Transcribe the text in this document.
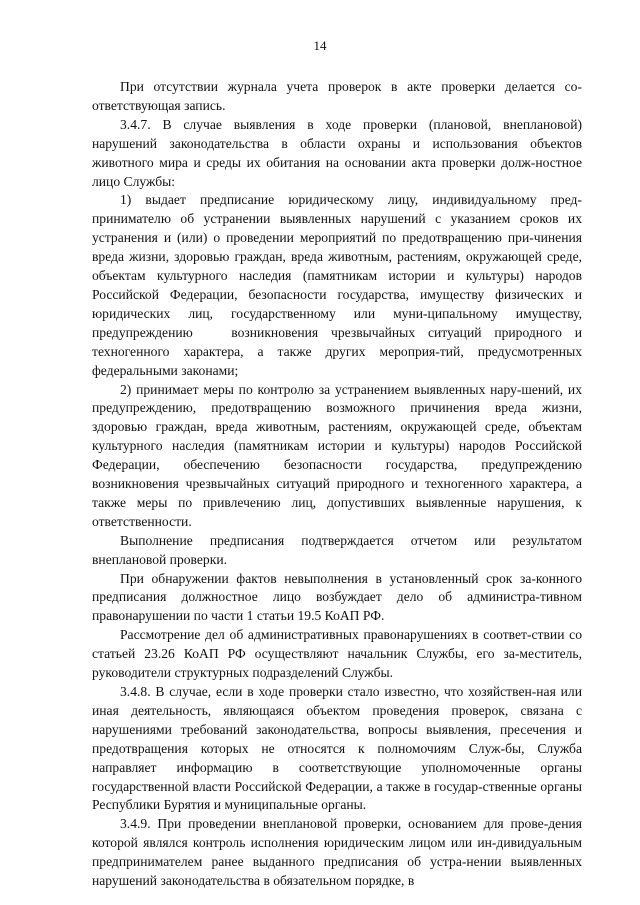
14

При отсутствии журнала учета проверок в акте проверки делается со-ответствующая запись.

3.4.7. В случае выявления в ходе проверки (плановой, внеплановой) нарушений законодательства в области охраны и использования объектов животного мира и среды их обитания на основании акта проверки долж-ностное лицо Службы:

1) выдает предписание юридическому лицу, индивидуальному пред-принимателю об устранении выявленных нарушений с указанием сроков их устранения и (или) о проведении мероприятий по предотвращению при-чинения вреда жизни, здоровью граждан, вреда животным, растениям, окружающей среде, объектам культурного наследия (памятникам истории и культуры) народов Российской Федерации, безопасности государства, имуществу физических и юридических лиц, государственному или муни-ципальному имуществу, предупреждению   возникновения чрезвычайных ситуаций природного и техногенного характера, а также других мероприя-тий, предусмотренных федеральными законами;

2) принимает меры по контролю за устранением выявленных нару-шений, их предупреждению, предотвращению возможного причинения вреда жизни, здоровью граждан, вреда животным, растениям, окружающей среде, объектам культурного наследия (памятникам истории и культуры) народов Российской Федерации, обеспечению безопасности государства, предупреждению возникновения чрезвычайных ситуаций природного и техногенного характера, а также меры по привлечению лиц, допустивших выявленные нарушения, к ответственности.

Выполнение предписания подтверждается отчетом или результатом внеплановой проверки.

При обнаружении фактов невыполнения в установленный срок за-конного предписания должностное лицо возбуждает дело об администра-тивном правонарушении по части 1 статьи 19.5 КоАП РФ.

Рассмотрение дел об административных правонарушениях в соответ-ствии со статьей 23.26 КоАП РФ осуществляют начальник Службы, его за-меститель, руководители структурных подразделений Службы.

3.4.8. В случае, если в ходе проверки стало известно, что хозяйствен-ная или иная деятельность, являющаяся объектом проведения проверок, связана с нарушениями требований законодательства, вопросы выявления, пресечения и предотвращения которых не относятся к полномочиям Служ-бы, Служба направляет информацию в соответствующие уполномоченные органы государственной власти Российской Федерации, а также в государ-ственные органы Республики Бурятия и муниципальные органы.

3.4.9. При проведении внеплановой проверки, основанием для прове-дения которой являлся контроль исполнения юридическим лицом или ин-дивидуальным предпринимателем ранее выданного предписания об устра-нении выявленных нарушений законодательства в обязательном порядке, в
